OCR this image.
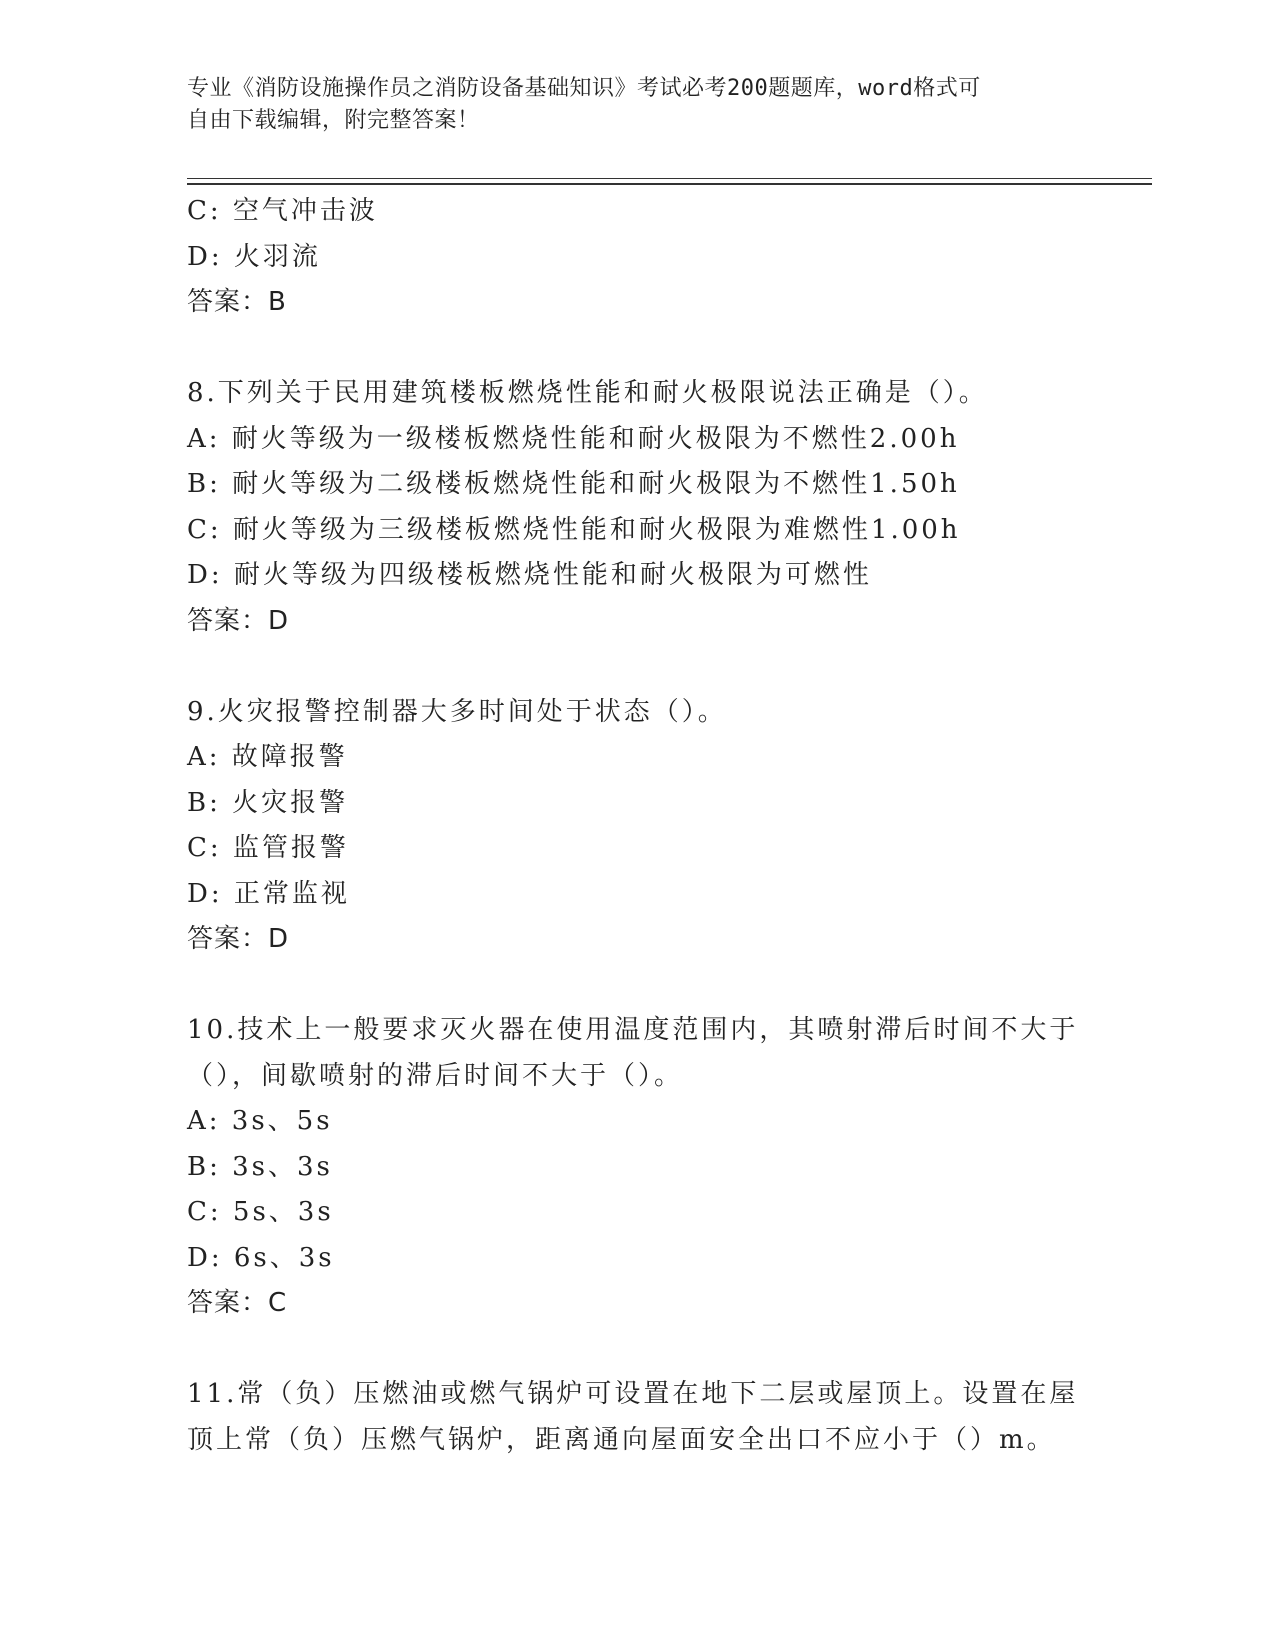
专业《消防设施操作员之消防设备基础知识》考试必考200题题库，word格式可
自由下载编辑，附完整答案！
C: 空气冲击波
D: 火羽流
答案：B
8.下列关于民用建筑楼板燃烧性能和耐火极限说法正确是（）。
A: 耐火等级为一级楼板燃烧性能和耐火极限为不燃性2.00h
B: 耐火等级为二级楼板燃烧性能和耐火极限为不燃性1.50h
C: 耐火等级为三级楼板燃烧性能和耐火极限为难燃性1.00h
D: 耐火等级为四级楼板燃烧性能和耐火极限为可燃性
答案：D
9.火灾报警控制器大多时间处于状态（）。
A: 故障报警
B: 火灾报警
C: 监管报警
D: 正常监视
答案：D
10.技术上一般要求灭火器在使用温度范围内，其喷射滞后时间不大于
（），间歇喷射的滞后时间不大于（）。
A: 3s、5s
B: 3s、3s
C: 5s、3s
D: 6s、3s
答案：C
11.常（负）压燃油或燃气锅炉可设置在地下二层或屋顶上。设置在屋
顶上常（负）压燃气锅炉，距离通向屋面安全出口不应小于（）m。
